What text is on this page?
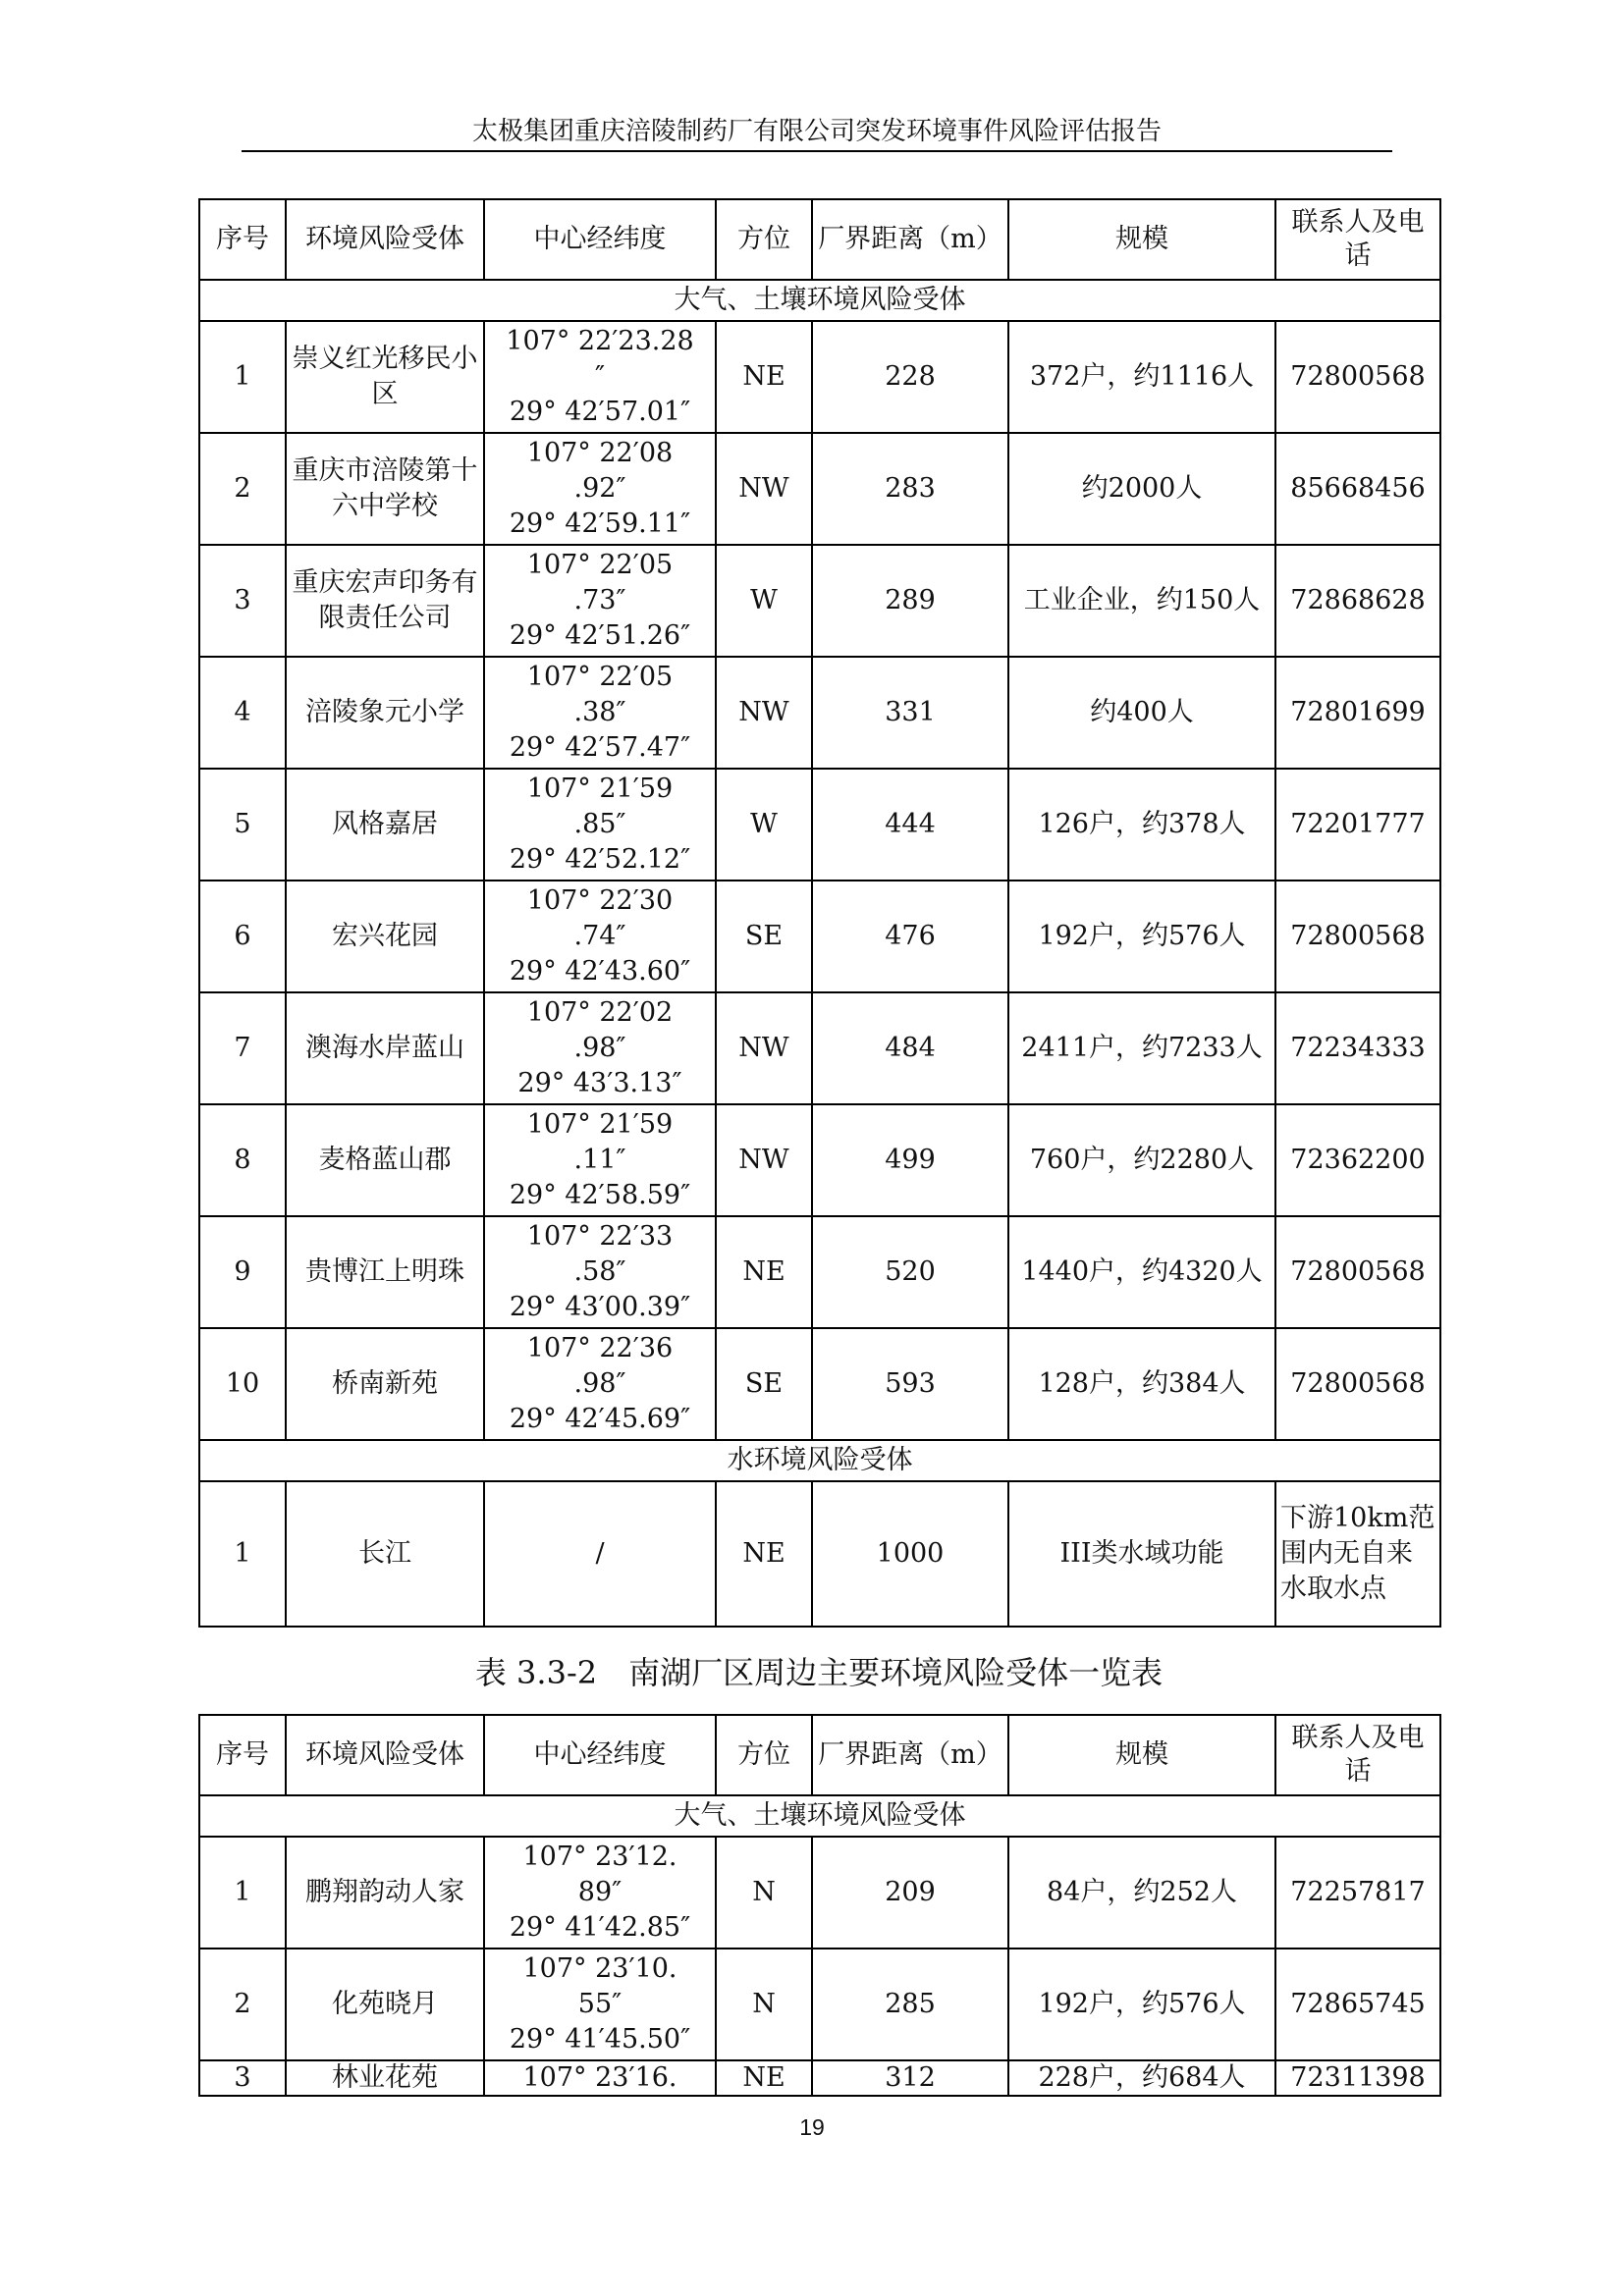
太极集团重庆涪陵制药厂有限公司突发环境事件风险评估报告
序号	环境风险受体	中心经纬度	方位	厂界距离（m）	规模	联系人及电话
大气、土壤环境风险受体						
1	崇义红光移民小区	107° 22′23.28
″
29° 42′57.01″	NE	228	372户，约1116人	72800568
2	重庆市涪陵第十六中学校	107° 22′08
.92″
29° 42′59.11″	NW	283	约2000人	85668456
3	重庆宏声印务有限责任公司	107° 22′05
.73″
29° 42′51.26″	W	289	工业企业，约150人	72868628
4	涪陵象元小学	107° 22′05
.38″
29° 42′57.47″	NW	331	约400人	72801699
5	风格嘉居	107° 21′59
.85″
29° 42′52.12″	W	444	126户，约378人	72201777
6	宏兴花园	107° 22′30
.74″
29° 42′43.60″	SE	476	192户，约576人	72800568
7	澳海水岸蓝山	107° 22′02
.98″
29° 43′3.13″	NW	484	2411户，约7233人	72234333
8	麦格蓝山郡	107° 21′59
.11″
29° 42′58.59″	NW	499	760户，约2280人	72362200
9	贵博江上明珠	107° 22′33
.58″
29° 43′00.39″	NE	520	1440户，约4320人	72800568
10	桥南新苑	107° 22′36
.98″
29° 42′45.69″	SE	593	128户，约384人	72800568
水环境风险受体						
1	长江	/	NE	1000	III类水域功能	下游10km范围内无自来水取水点
表 3.3-2　南湖厂区周边主要环境风险受体一览表
序号	环境风险受体	中心经纬度	方位	厂界距离（m）	规模	联系人及电话
大气、土壤环境风险受体						
1	鹏翔韵动人家	107° 23′12.
89″
29° 41′42.85″	N	209	84户，约252人	72257817
2	化苑晓月	107° 23′10.
55″
29° 41′45.50″	N	285	192户，约576人	72865745
3	林业花苑	107° 23′16.	NE	312	228户，约684人	72311398
19
